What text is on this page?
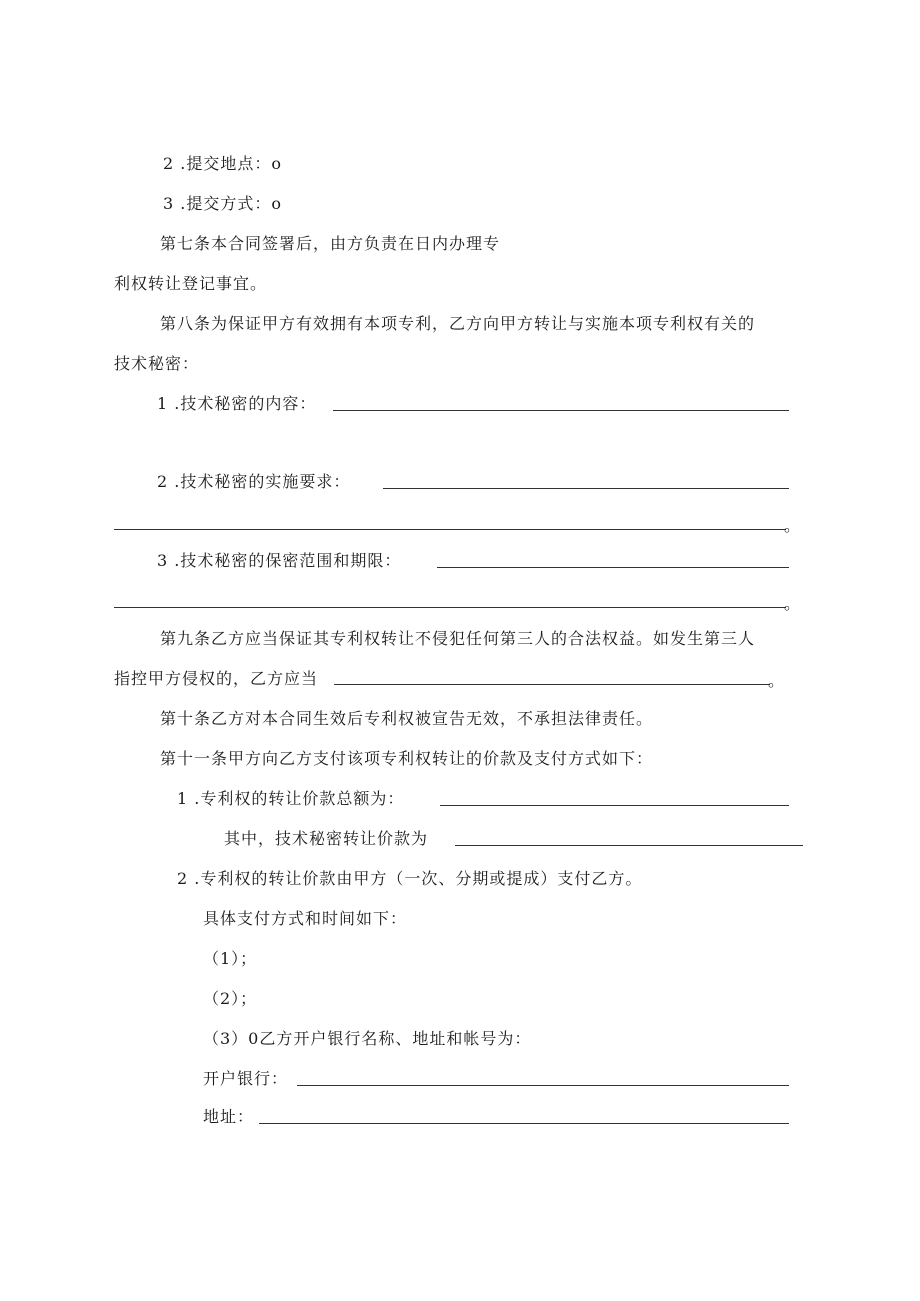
2 .提交地点：o
3 .提交方式：o
第七条本合同签署后，由方负责在日内办理专
利权转让登记事宜。
第八条为保证甲方有效拥有本项专利，乙方向甲方转让与实施本项专利权有关的
技术秘密：
1 .技术秘密的内容：
2 .技术秘密的实施要求：
。
3 .技术秘密的保密范围和期限：
。
第九条乙方应当保证其专利权转让不侵犯任何第三人的合法权益。如发生第三人
指控甲方侵权的，乙方应当	。
第十条乙方对本合同生效后专利权被宣告无效，不承担法律责任。
第十一条甲方向乙方支付该项专利权转让的价款及支付方式如下：
1 .专利权的转让价款总额为：
其中，技术秘密转让价款为
2 .专利权的转让价款由甲方（一次、分期或提成）支付乙方。
具体支付方式和时间如下：
（1）；
（2）；
（3）0乙方开户银行名称、地址和帐号为：
开户银行：
地址：
